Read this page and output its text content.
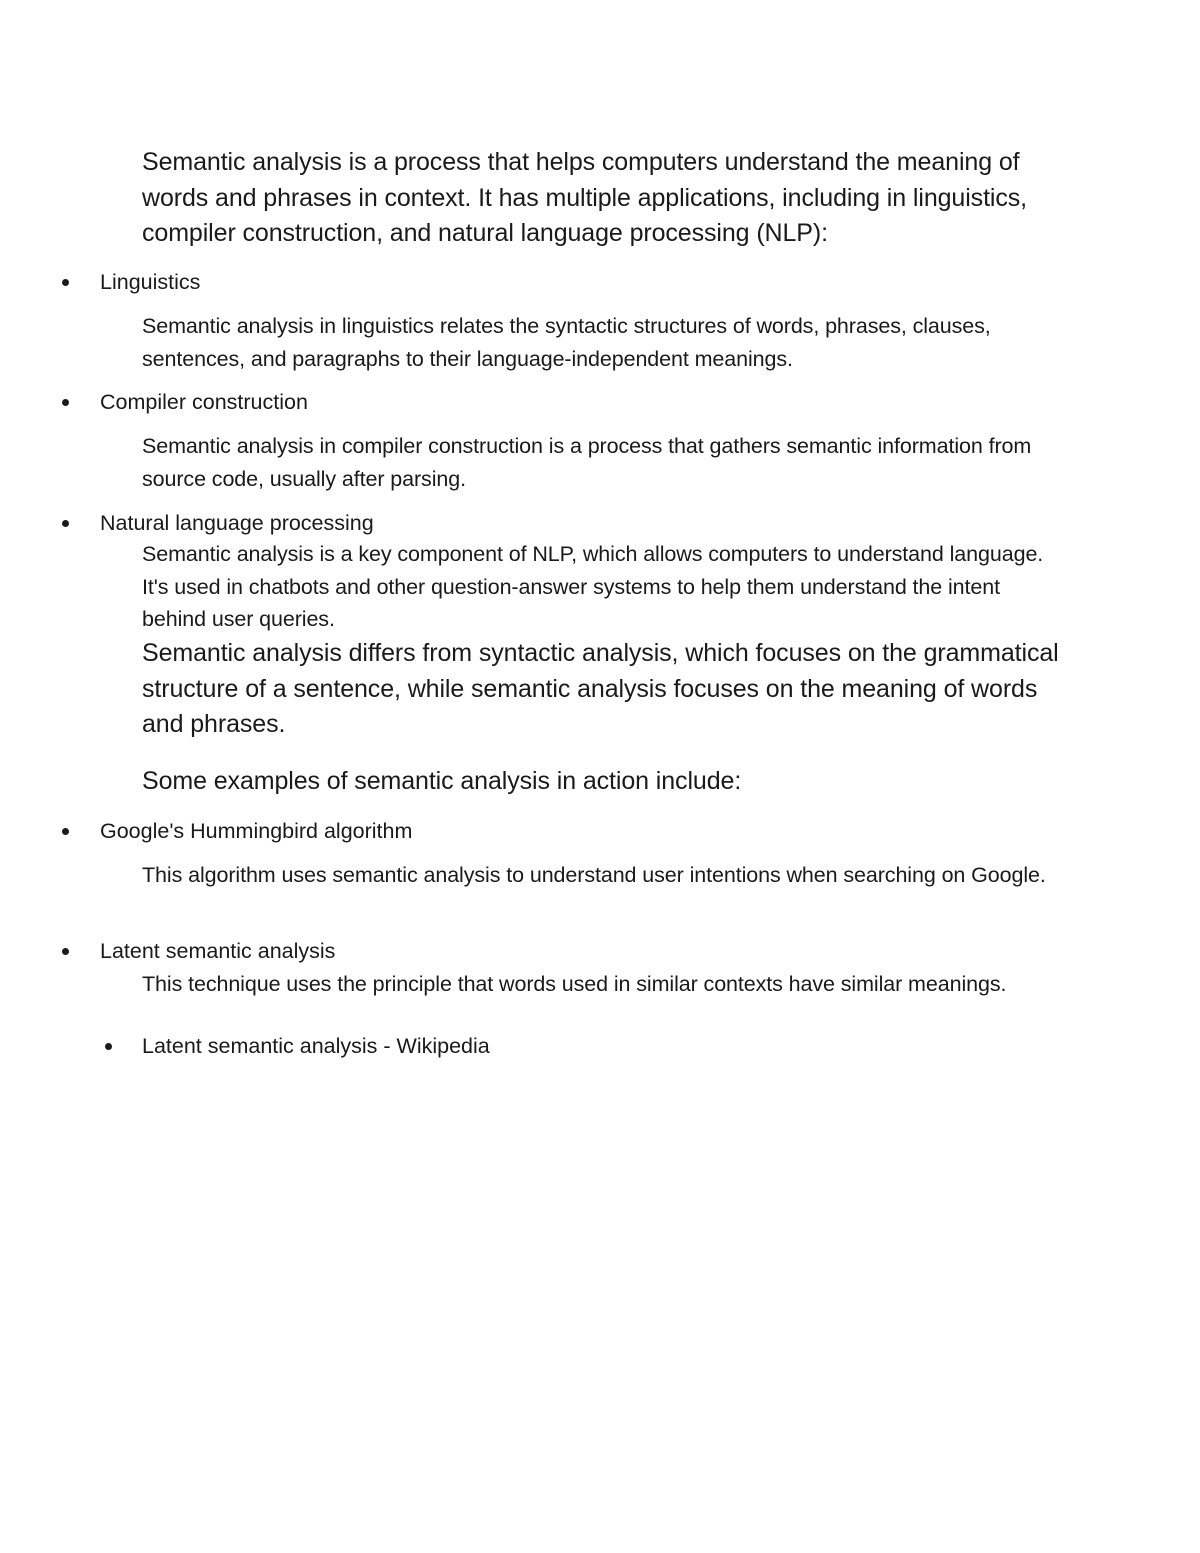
Semantic analysis is a process that helps computers understand the meaning of words and phrases in context. It has multiple applications, including in linguistics, compiler construction, and natural language processing (NLP):

Linguistics

Semantic analysis in linguistics relates the syntactic structures of words, phrases, clauses, sentences, and paragraphs to their language-independent meanings.

Compiler construction

Semantic analysis in compiler construction is a process that gathers semantic information from source code, usually after parsing.

Natural language processing

Semantic analysis is a key component of NLP, which allows computers to understand language. It's used in chatbots and other question-answer systems to help them understand the intent behind user queries.

Semantic analysis differs from syntactic analysis, which focuses on the grammatical structure of a sentence, while semantic analysis focuses on the meaning of words and phrases.

Some examples of semantic analysis in action include:

Google's Hummingbird algorithm

This algorithm uses semantic analysis to understand user intentions when searching on Google.

Latent semantic analysis

This technique uses the principle that words used in similar contexts have similar meanings.

Latent semantic analysis - Wikipedia
